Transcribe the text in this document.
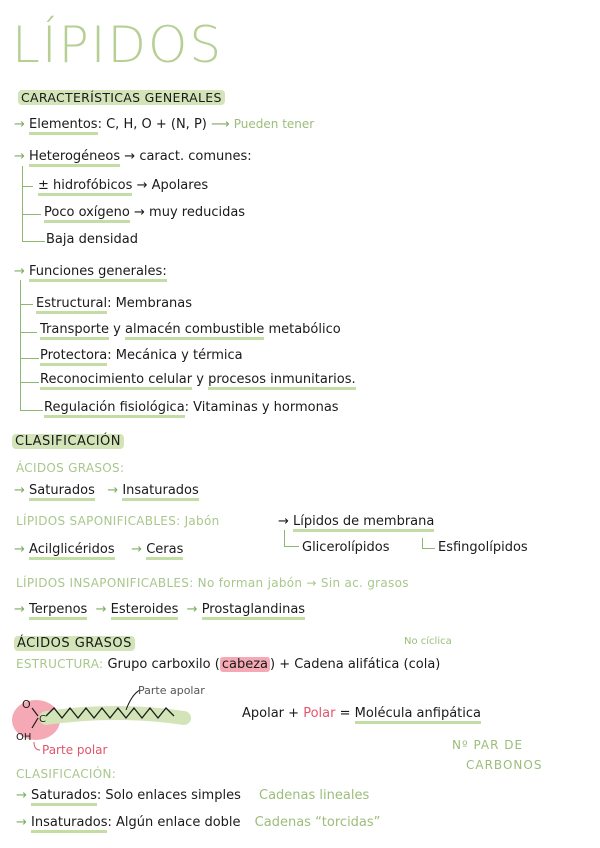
LÍPIDOS
CARACTERÍSTICAS GENERALES
→ Elementos: C, H, O + (N, P) ⟶ Pueden tener
→ Heterogéneos → caract. comunes:
± hidrofóbicos → Apolares
Poco oxígeno → muy reducidas
Baja densidad
→ Funciones generales:
Estructural: Membranas
Transporte y almacén combustible metabólico
Protectora: Mecánica y térmica
Reconocimiento celular y procesos inmunitarios.
Regulación fisiológica: Vitaminas y hormonas
CLASIFICACIÓN
ÁCIDOS GRASOS:
→ Saturados   → Insaturados
LÍPIDOS SAPONIFICABLES: Jabón	→ Lípidos de membrana
→ Acilglicéridos    → Ceras	Glicerolípidos	Esfingolípidos
LÍPIDOS INSAPONIFICABLES: No forman jabón → Sin ac. grasos
→ Terpenos  → Esteroides  → Prostaglandinas
ÁCIDOS GRASOS	No cíclica
ESTRUCTURA: Grupo carboxilo ( cabeza ) + Cadena alifática (cola)
O
C
OH
Parte apolar
Parte polar
Apolar + Polar = Molécula anfipática
Nº PAR DE
CARBONOS
CLASIFICACIÓN:
→ Saturados: Solo enlaces simples Cadenas lineales
→ Insaturados: Algún enlace doble Cadenas “torcidas”
